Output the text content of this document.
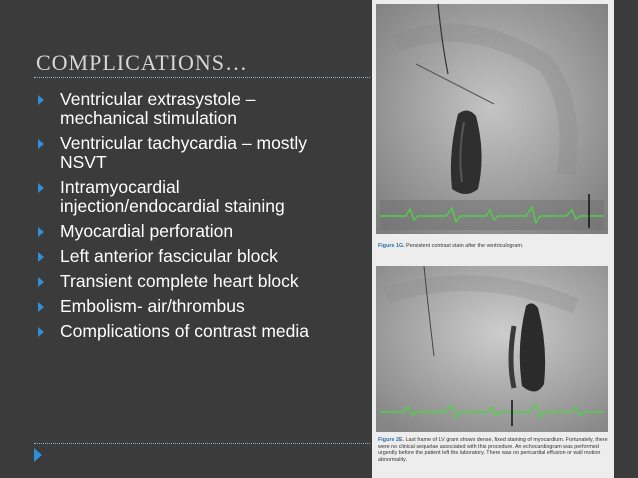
COMPLICATIONS…
Ventricular extrasystole – mechanical stimulation
Ventricular tachycardia – mostly NSVT
Intramyocardial injection/endocardial staining
Myocardial perforation
Left anterior fascicular block
Transient complete heart block
Embolism- air/thrombus
Complications of contrast media
Figure 1G. Persistent contrast stain after the ventriculogram.
Figure 2E. Last frame of LV gram shows dense, fixed staining of myocardium. Fortunately, there were no clinical sequelae associated with this procedure. An echocardiogram was performed urgently before the patient left the laboratory. There was no pericardial effusion or wall motion abnormality.
